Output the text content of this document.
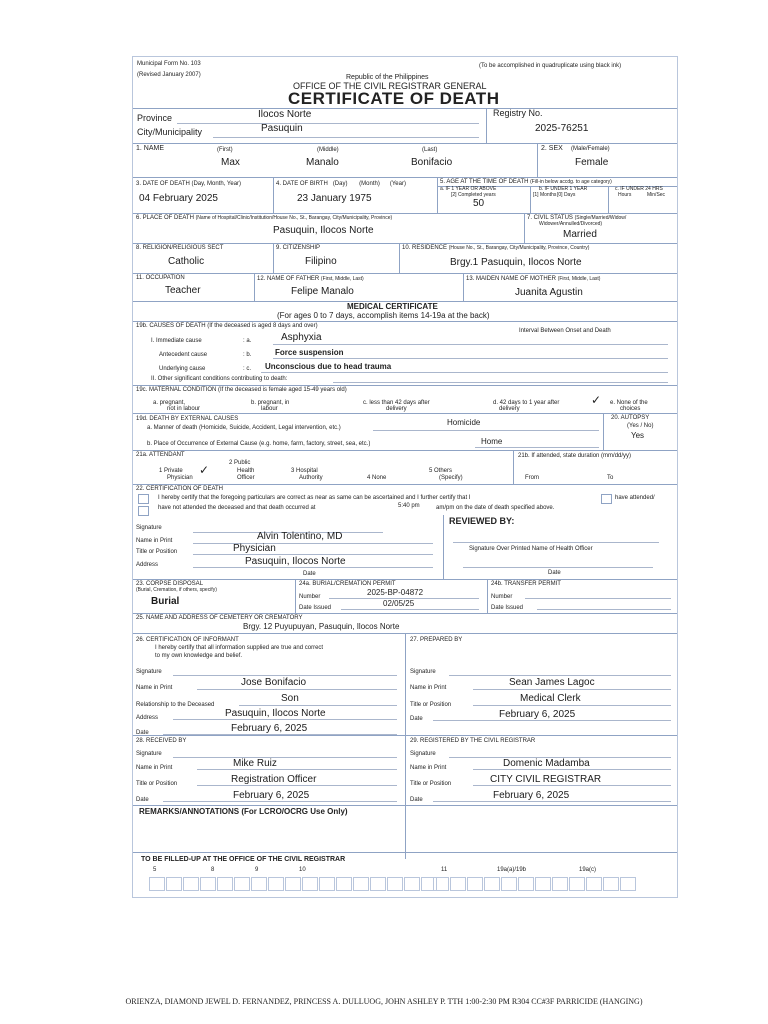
Municipal Form No. 103
(Revised January 2007)
(To be accomplished in quadruplicate using black ink)
Republic of the Philippines
OFFICE OF THE CIVIL REGISTRAR GENERAL
CERTIFICATE OF DEATH
Province	Ilocos Norte
City/Municipality	Pasuquin
Registry No.
2025-76251
1. NAME	(First)	(Middle)	(Last)
Max	Manalo	Bonifacio
2. SEX (Male/Female)
Female
3. DATE OF DEATH (Day, Month, Year)
04 February 2025
4. DATE OF BIRTH (Day) (Month) (Year)
23 January 1975
5. AGE AT THE TIME OF DEATH (Fill-in below accdg. to age category)
a. IF 1 YEAR OR ABOVE
[2] Completed years
b. IF UNDER 1 YEAR
[1] Months [0] Days
c. IF UNDER 24 HRS
Hours	Min/Sec
50
6. PLACE OF DEATH (Name of Hospital/Clinic/Institution/House No., St., Barangay, City/Municipality, Province)
Pasuquin, Ilocos Norte
7. CIVIL STATUS (Single/Married/Widow/
Widower/Annulled/Divorced)
Married
8. RELIGION/RELIGIOUS SECT
Catholic
9. CITIZENSHIP
Filipino
10. RESIDENCE (House No., St., Barangay, City/Municipality, Province, Country)
Brgy.1 Pasuquin, Ilocos Norte
11. OCCUPATION
Teacher
12. NAME OF FATHER (First, Middle, Last)
Felipe Manalo
13. MAIDEN NAME OF MOTHER (First, Middle, Last)
Juanita Agustin
MEDICAL CERTIFICATE
(For ages 0 to 7 days, accomplish items 14-19a at the back)
19b. CAUSES OF DEATH (If the deceased is aged 8 days and over)
Interval Between Onset and Death
I. Immediate cause	: a.	Asphyxia
Antecedent cause	: b.	Force suspension
Underlying cause	: c. Unconscious due to head trauma
II. Other significant conditions contributing to death:
19c. MATERNAL CONDITION (If the deceased is female aged 15-49 years old)
a. pregnant,
not in labour
b. pregnant, in
labour
c. less than 42 days after
delivery
d. 42 days to 1 year after
delivery
✓ e. None of the
choices
19d. DEATH BY EXTERNAL CAUSES
a. Manner of death (Homicide, Suicide, Accident, Legal intervention, etc.)
Homicide
b. Place of Occurrence of External Cause (e.g. home, farm, factory, street, sea, etc.)	Home
20. AUTOPSY
(Yes / No)
Yes
21a. ATTENDANT
1 Private
Physician
✓	2 Public
Health
Officer
3 Hospital
Authority	4 None
5 Others
(Specify)
21b. If attended, state duration (mm/dd/yy)
From	To
22. CERTIFICATION OF DEATH
I hereby certify that the foregoing particulars are correct as near as same can be ascertained and I further certify that I	have attended/
have not attended the deceased and that death occurred at	5:40 pm	am/pm on the date of death specified above.
Signature
Name in Print	Alvin Tolentino, MD
Title or Position	Physician
Address	Pasuquin, Ilocos Norte
Date
REVIEWED BY:
Signature Over Printed Name of Health Officer
Date
23. CORPSE DISPOSAL
(Burial, Cremation, if others, specify)
Burial
24a. BURIAL/CREMATION PERMIT
Number	2025-BP-04872
Date Issued	02/05/25
24b. TRANSFER PERMIT
Number
Date Issued
25. NAME AND ADDRESS OF CEMETERY OR CREMATORY
Brgy. 12 Puyupuyan, Pasuquin, Ilocos Norte
26. CERTIFICATION OF INFORMANT
I hereby certify that all information supplied are true and correct
to my own knowledge and belief.
Signature
Name in Print	Jose Bonifacio
Relationship to the Deceased
Son
Address	Pasuquin, Ilocos Norte
Date	February 6, 2025
27. PREPARED BY
Signature
Name in Print	Sean James Lagoc
Title or Position
Medical Clerk
Date	February 6, 2025
28. RECEIVED BY
Signature
Name in Print	Mike Ruiz
Title or Position	Registration Officer
Date	February 6, 2025
29. REGISTERED BY THE CIVIL REGISTRAR
Signature
Name in Print	Domenic Madamba
Title or Position	CITY CIVIL REGISTRAR
Date	February 6, 2025
REMARKS/ANNOTATIONS (For LCRO/OCRG Use Only)
TO BE FILLED-UP AT THE OFFICE OF THE CIVIL REGISTRAR
5	8	9	10	11	19a(a)/19b	19a(c)
ORIENZA, DIAMOND JEWEL D. FERNANDEZ, PRINCESS A. DULLUOG, JOHN ASHLEY P. TTH 1:00-2:30 PM R304 CC#3F PARRICIDE (HANGING)
